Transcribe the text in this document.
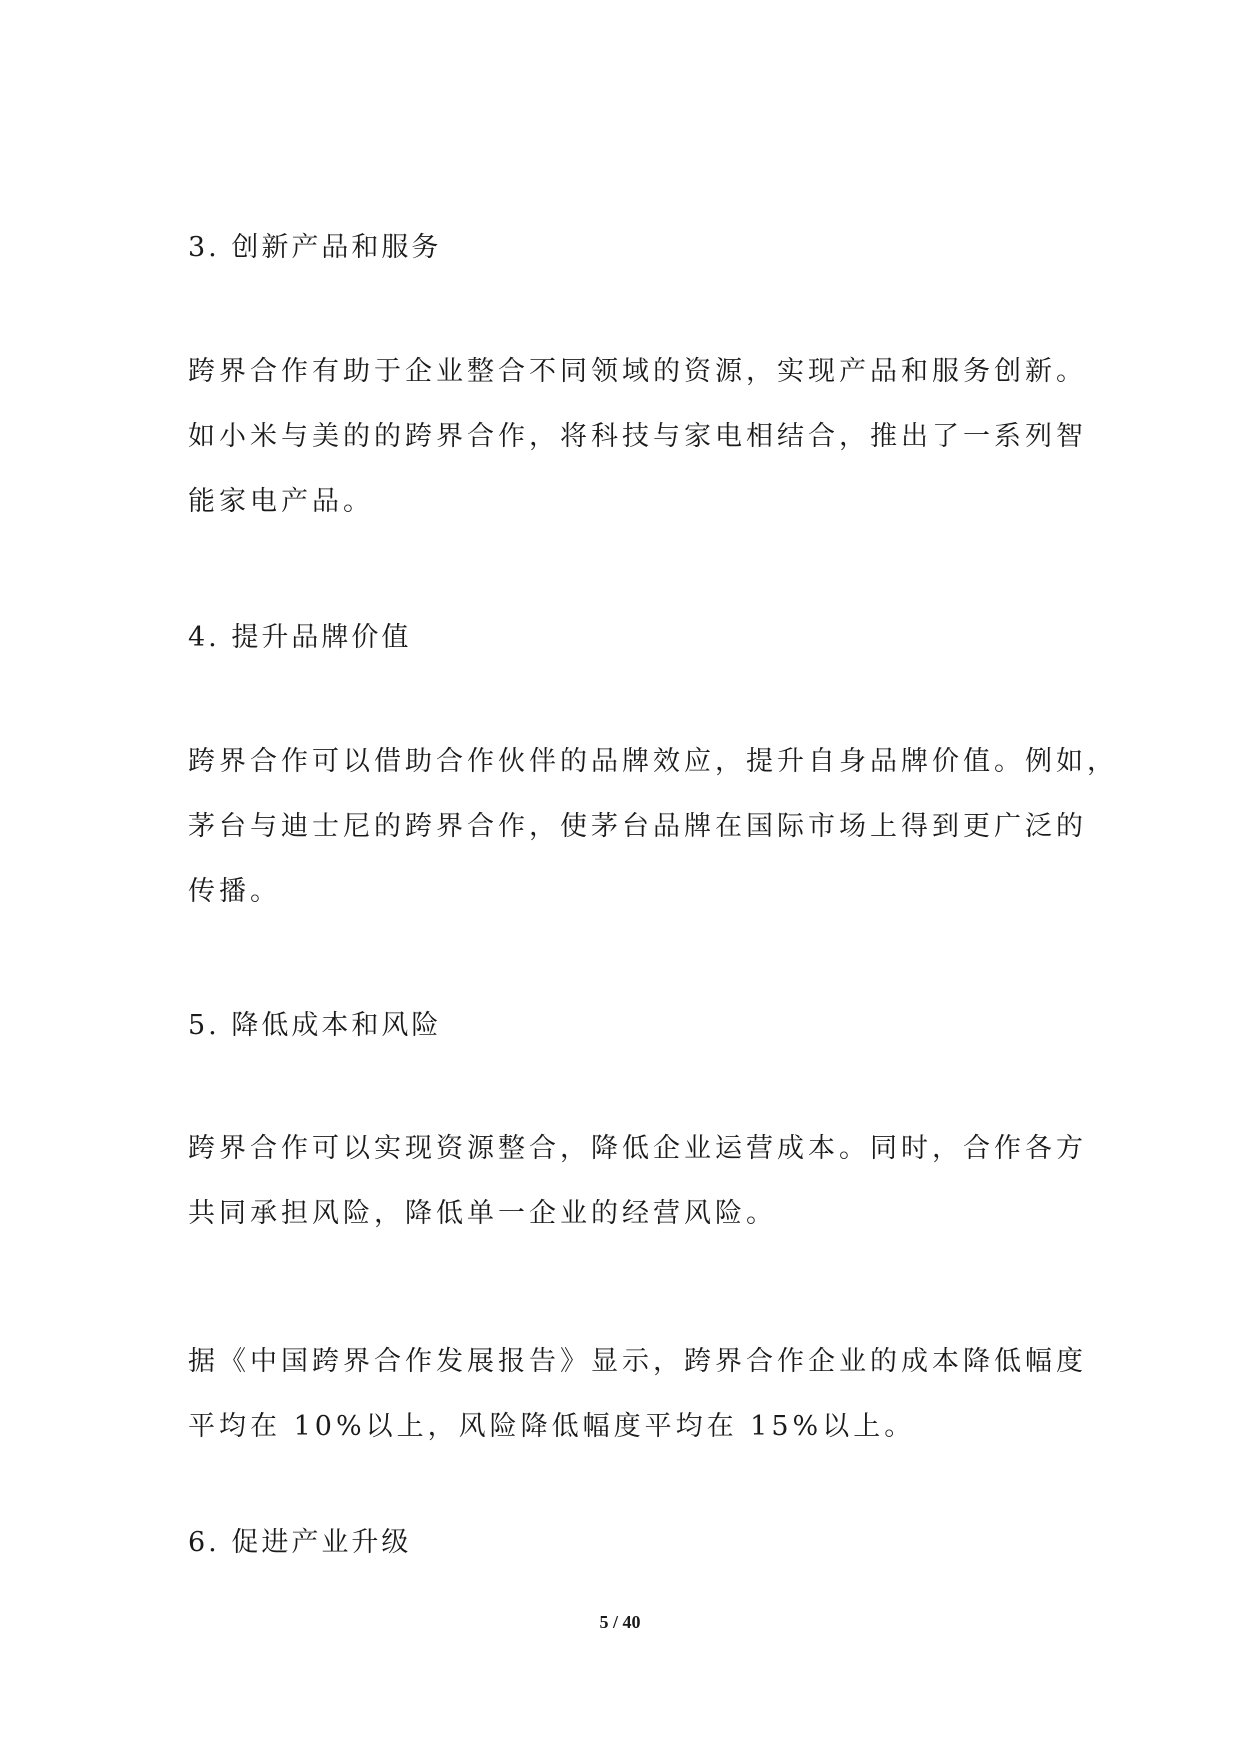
3. 创新产品和服务
跨界合作有助于企业整合不同领域的资源，实现产品和服务创新。
如小米与美的的跨界合作，将科技与家电相结合，推出了一系列智
能家电产品。
4. 提升品牌价值
跨界合作可以借助合作伙伴的品牌效应，提升自身品牌价值。例如，
茅台与迪士尼的跨界合作，使茅台品牌在国际市场上得到更广泛的
传播。
5. 降低成本和风险
跨界合作可以实现资源整合，降低企业运营成本。同时，合作各方
共同承担风险，降低单一企业的经营风险。
据《中国跨界合作发展报告》显示，跨界合作企业的成本降低幅度
平均在 10%以上，风险降低幅度平均在 15%以上。
6. 促进产业升级
5 / 40
